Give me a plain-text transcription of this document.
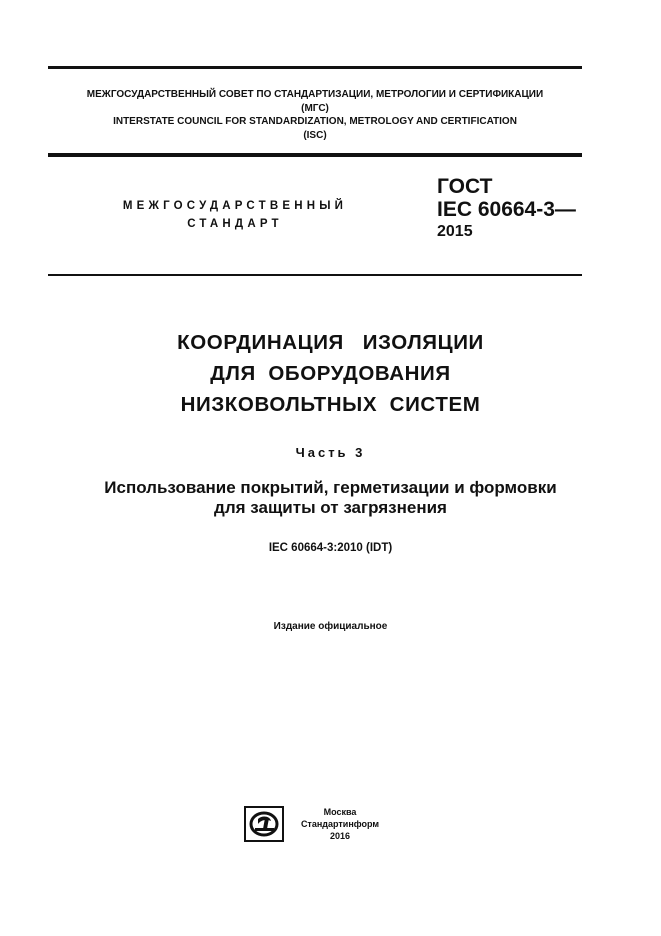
МЕЖГОСУДАРСТВЕННЫЙ СОВЕТ ПО СТАНДАРТИЗАЦИИ, МЕТРОЛОГИИ И СЕРТИФИКАЦИИ
(МГС)
INTERSTATE COUNCIL FOR STANDARDIZATION, METROLOGY AND CERTIFICATION
(ISC)
МЕЖГОСУДАРСТВЕННЫЙ
СТАНДАРТ
ГОСТ
IEC 60664-3—
2015
КООРДИНАЦИЯ   ИЗОЛЯЦИИ
ДЛЯ  ОБОРУДОВАНИЯ
НИЗКОВОЛЬТНЫХ  СИСТЕМ
Часть 3
Использование покрытий, герметизации и формовки
для защиты от загрязнения
IEC 60664-3:2010 (IDT)
Издание официальное
Москва
Стандартинформ
2016
